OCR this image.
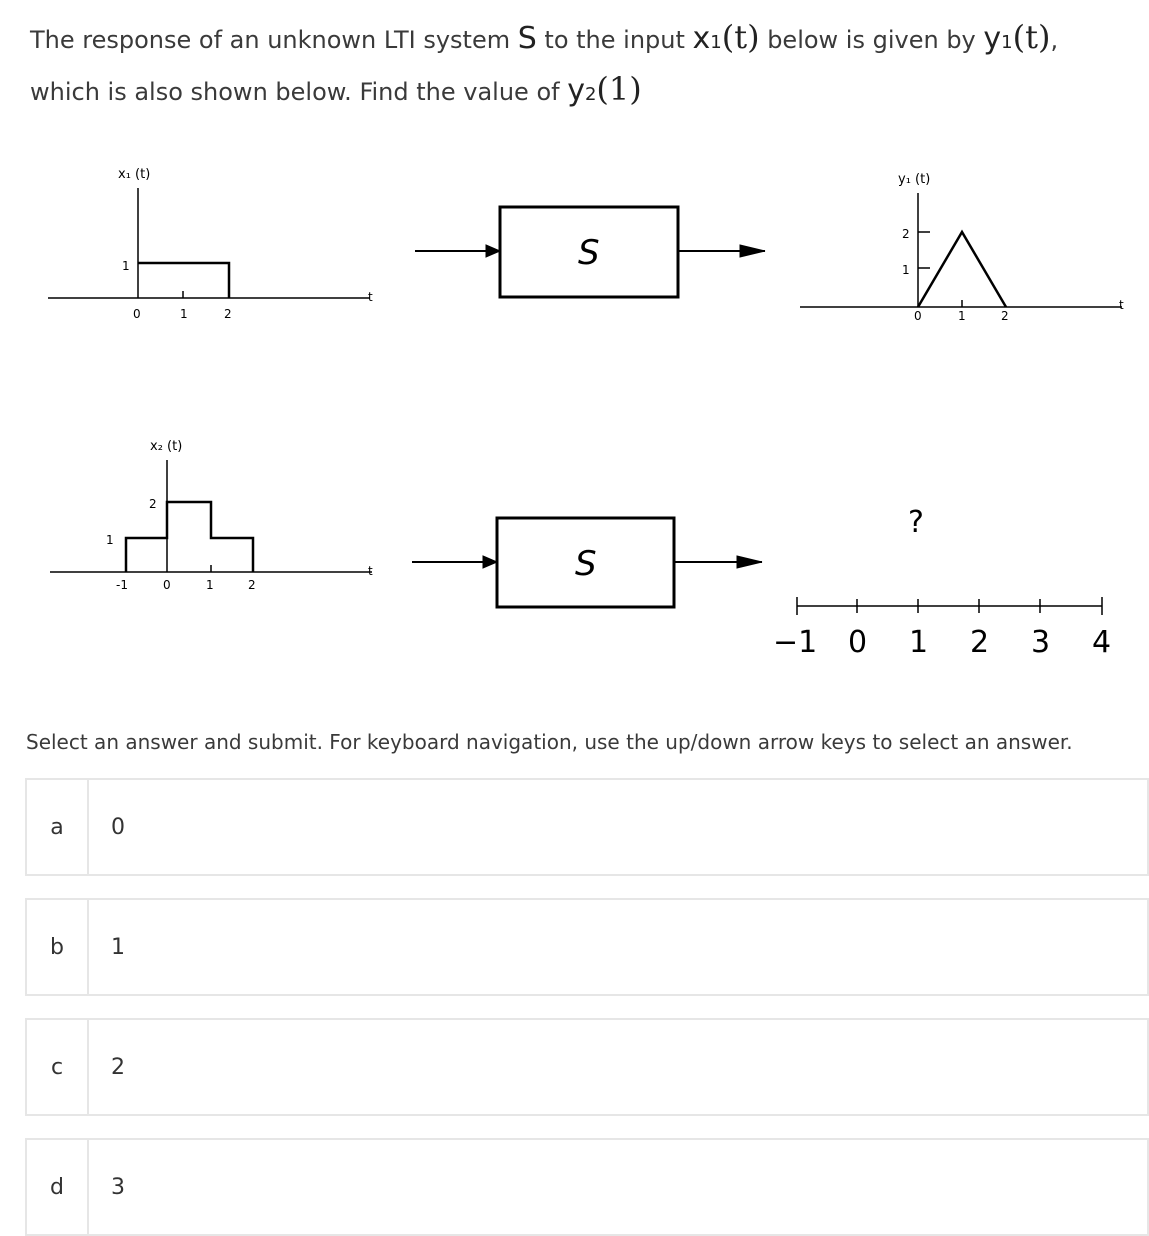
The response of an unknown LTI system S to the input x1(t) below is given by y1(t), which is also shown below. Find the value of y2(1)
x₁ (t)
1
0	1	2
t
S
y₁ (t)
2
1
0	1	2
t
x₂ (t)
2
1
-1	0	1	2
t	S
?
−1 0 1 2 3 4
Select an answer and submit. For keyboard navigation, use the up/down arrow keys to select an answer.
a	0
b	1
c	2
d	3
